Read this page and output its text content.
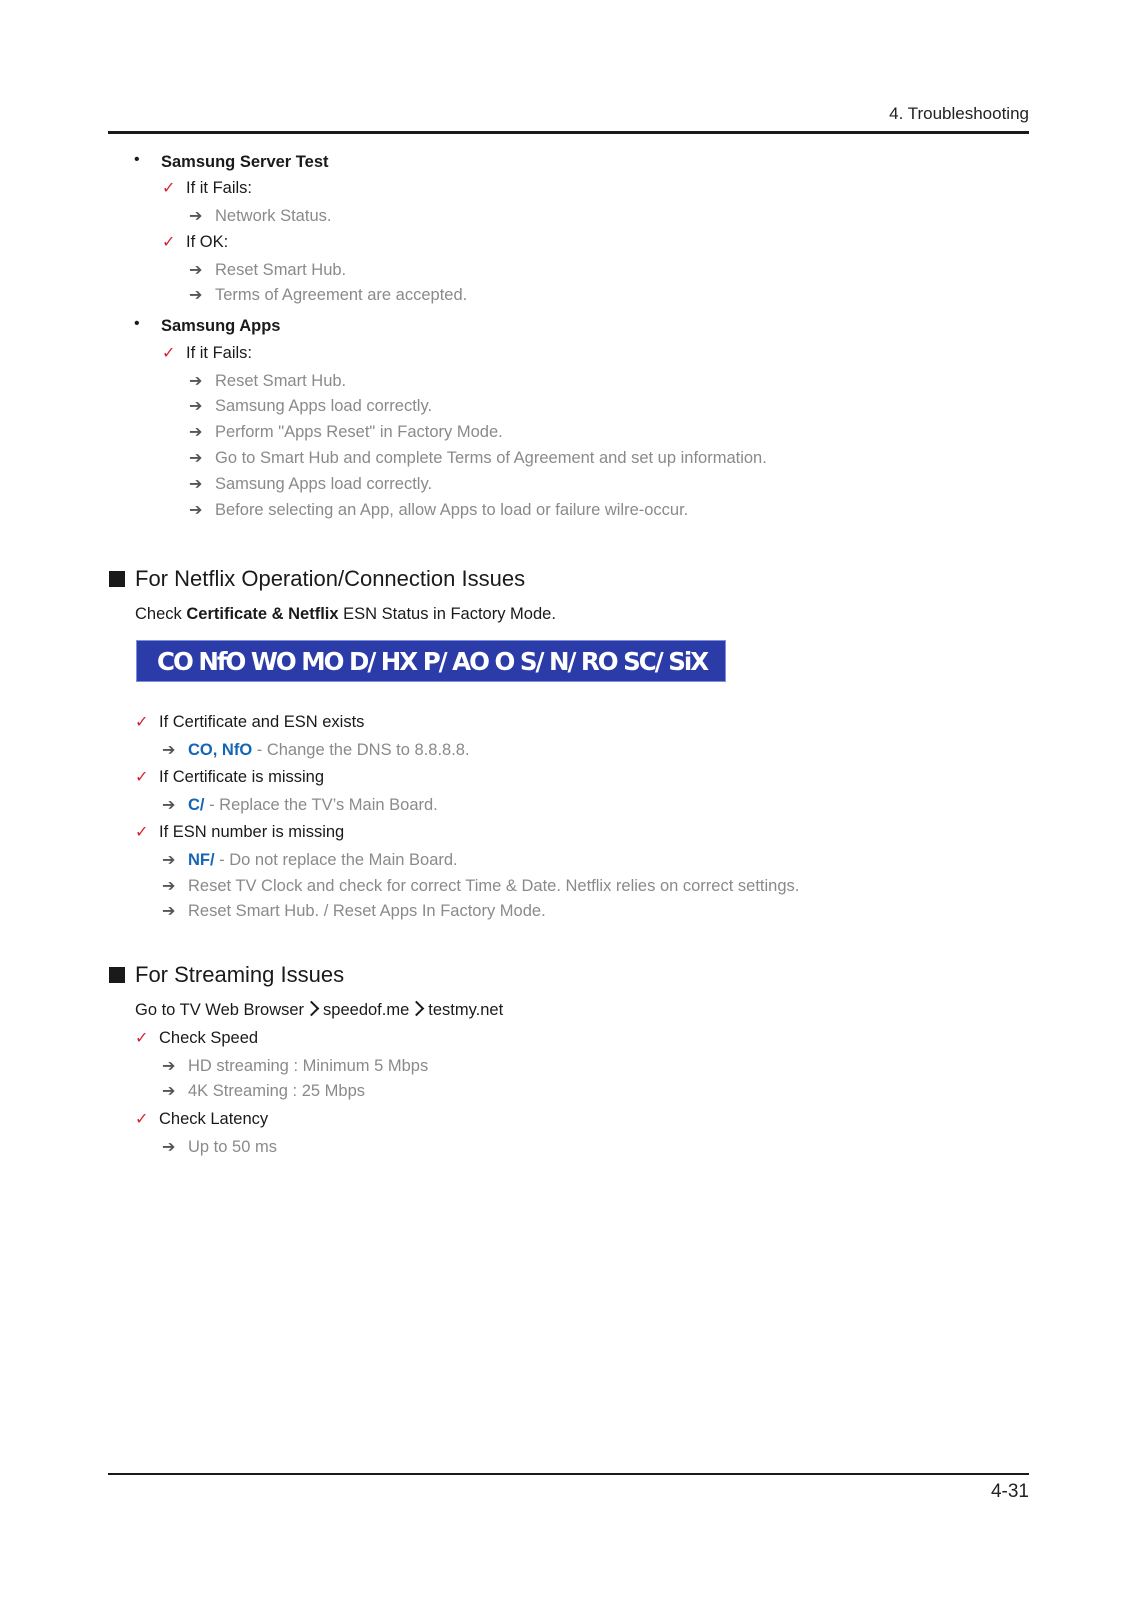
4. Troubleshooting
• Samsung Server Test
✓ If it Fails:
➔ Network Status.
✓ If OK:
➔ Reset Smart Hub.
➔ Terms of Agreement are accepted.
• Samsung Apps
✓ If it Fails:
➔ Reset Smart Hub.
➔ Samsung Apps load correctly.
➔ Perform "Apps Reset" in Factory Mode.
➔ Go to Smart Hub and complete Terms of Agreement and set up information.
➔ Samsung Apps load correctly.
➔ Before selecting an App, allow Apps to load or failure wilre-occur.
For Netflix Operation/Connection Issues
Check Certificate & Netflix ESN Status in Factory Mode.
CO NfO WO MO D/ HX P/ AO O S/ N/ RO SC/ SiX
✓ If Certificate and ESN exists
➔ CO, NfO - Change the DNS to 8.8.8.8.
✓ If Certificate is missing
➔ C/ - Replace the TV’s Main Board.
✓ If ESN number is missing
➔ NF/ - Do not replace the Main Board.
➔ Reset TV Clock and check for correct Time & Date. Netflix relies on correct settings.
➔ Reset Smart Hub. / Reset Apps In Factory Mode.
For Streaming Issues
Go to TV Web Browser speedof.me testmy.net
✓ Check Speed
➔ HD streaming : Minimum 5 Mbps
➔ 4K Streaming : 25 Mbps
✓ Check Latency
➔ Up to 50 ms
4-31
